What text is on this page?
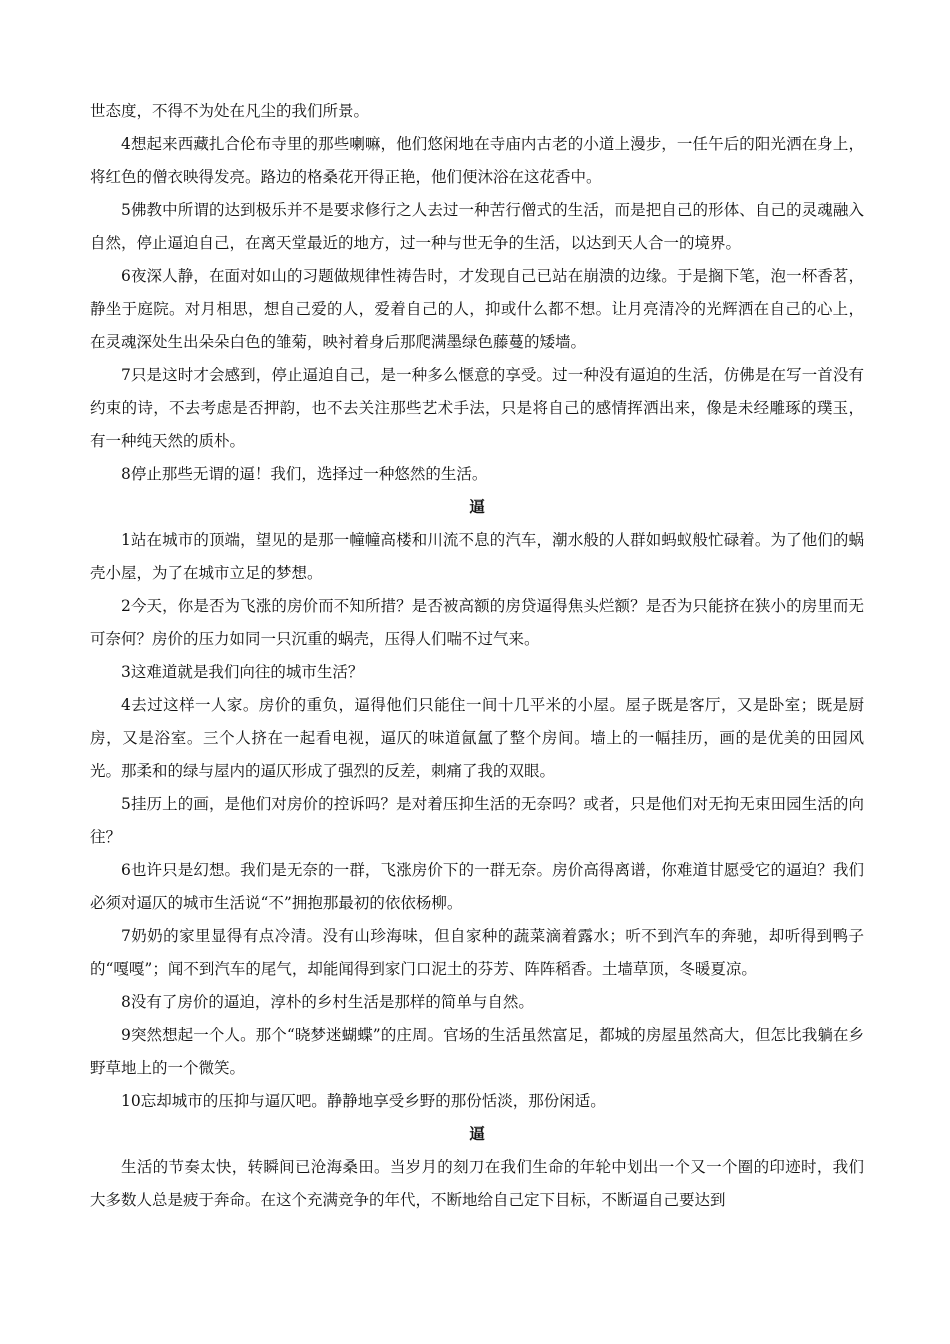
世态度，不得不为处在凡尘的我们所景。

4想起来西藏扎合伦布寺里的那些喇嘛，他们悠闲地在寺庙内古老的小道上漫步，一任午后的阳光洒在身上，将红色的僧衣映得发亮。路边的格桑花开得正艳，他们便沐浴在这花香中。

5佛教中所谓的达到极乐并不是要求修行之人去过一种苦行僧式的生活，而是把自己的形体、自己的灵魂融入自然，停止逼迫自己，在离天堂最近的地方，过一种与世无争的生活，以达到天人合一的境界。

6夜深人静，在面对如山的习题做规律性祷告时，才发现自己已站在崩溃的边缘。于是搁下笔，泡一杯香茗，静坐于庭院。对月相思，想自己爱的人，爱着自己的人，抑或什么都不想。让月亮清冷的光辉洒在自己的心上，在灵魂深处生出朵朵白色的雏菊，映衬着身后那爬满墨绿色藤蔓的矮墙。

7只是这时才会感到，停止逼迫自己，是一种多么惬意的享受。过一种没有逼迫的生活，仿佛是在写一首没有约束的诗，不去考虑是否押韵，也不去关注那些艺术手法，只是将自己的感情挥洒出来，像是未经雕琢的璞玉，有一种纯天然的质朴。

8停止那些无谓的逼！我们，选择过一种悠然的生活。

逼

1站在城市的顶端，望见的是那一幢幢高楼和川流不息的汽车，潮水般的人群如蚂蚁般忙碌着。为了他们的蜗壳小屋，为了在城市立足的梦想。

2今天，你是否为飞涨的房价而不知所措？是否被高额的房贷逼得焦头烂额？是否为只能挤在狭小的房里而无可奈何？房价的压力如同一只沉重的蜗壳，压得人们喘不过气来。

3这难道就是我们向往的城市生活？

4去过这样一人家。房价的重负，逼得他们只能住一间十几平米的小屋。屋子既是客厅，又是卧室；既是厨房，又是浴室。三个人挤在一起看电视，逼仄的味道氤氲了整个房间。墙上的一幅挂历，画的是优美的田园风光。那柔和的绿与屋内的逼仄形成了强烈的反差，刺痛了我的双眼。

5挂历上的画，是他们对房价的控诉吗？是对着压抑生活的无奈吗？或者，只是他们对无拘无束田园生活的向往？

6也许只是幻想。我们是无奈的一群，飞涨房价下的一群无奈。房价高得离谱，你难道甘愿受它的逼迫？我们必须对逼仄的城市生活说“不”拥抱那最初的依依杨柳。

7奶奶的家里显得有点冷清。没有山珍海味，但自家种的蔬菜滴着露水；听不到汽车的奔驰，却听得到鸭子的“嘎嘎”；闻不到汽车的尾气，却能闻得到家门口泥土的芬芳、阵阵稻香。土墙草顶，冬暖夏凉。

8没有了房价的逼迫，淳朴的乡村生活是那样的简单与自然。

9突然想起一个人。那个“晓梦迷蝴蝶”的庄周。官场的生活虽然富足，都城的房屋虽然高大，但怎比我躺在乡野草地上的一个微笑。

10忘却城市的压抑与逼仄吧。静静地享受乡野的那份恬淡，那份闲适。

逼

生活的节奏太快，转瞬间已沧海桑田。当岁月的刻刀在我们生命的年轮中划出一个又一个圈的印迹时，我们大多数人总是疲于奔命。在这个充满竞争的年代，不断地给自己定下目标，不断逼自己要达到
